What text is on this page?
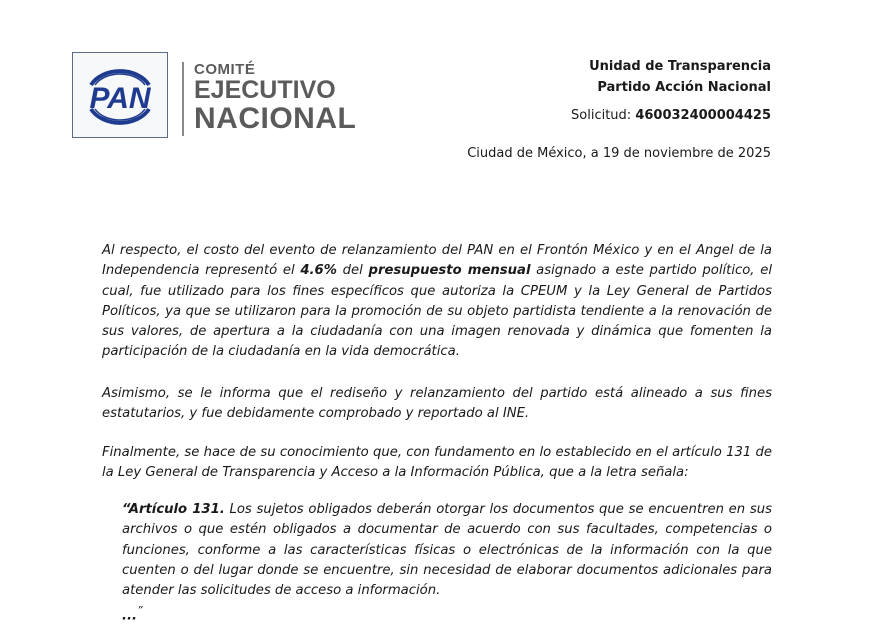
PAN
COMITÉ
EJECUTIVO
NACIONAL
Unidad de Transparencia
Partido Acción Nacional
Solicitud: 460032400004425
Ciudad de México, a 19 de noviembre de 2025
Al respecto, el costo del evento de relanzamiento del PAN en el Frontón México y en el Angel de la Independencia representó el 4.6% del presupuesto mensual asignado a este partido político, el cual, fue utilizado para los fines específicos que autoriza la CPEUM y la Ley General de Partidos Políticos, ya que se utilizaron para la promoción de su objeto partidista tendiente a la renovación de sus valores, de apertura a la ciudadanía con una imagen renovada y dinámica que fomenten la participación de la ciudadanía en la vida democrática.
Asimismo, se le informa que el rediseño y relanzamiento del partido está alineado a sus fines estatutarios, y fue debidamente comprobado y reportado al INE.
Finalmente, se hace de su conocimiento que, con fundamento en lo establecido en el artículo 131 de la Ley General de Transparencia y Acceso a la Información Pública, que a la letra señala:
“Artículo 131. Los sujetos obligados deberán otorgar los documentos que se encuentren en sus archivos o que estén obligados a documentar de acuerdo con sus facultades, competencias o funciones, conforme a las características físicas o electrónicas de la información con la que cuenten o del lugar donde se encuentre, sin necesidad de elaborar documentos adicionales para atender las solicitudes de acceso a información.
...”
